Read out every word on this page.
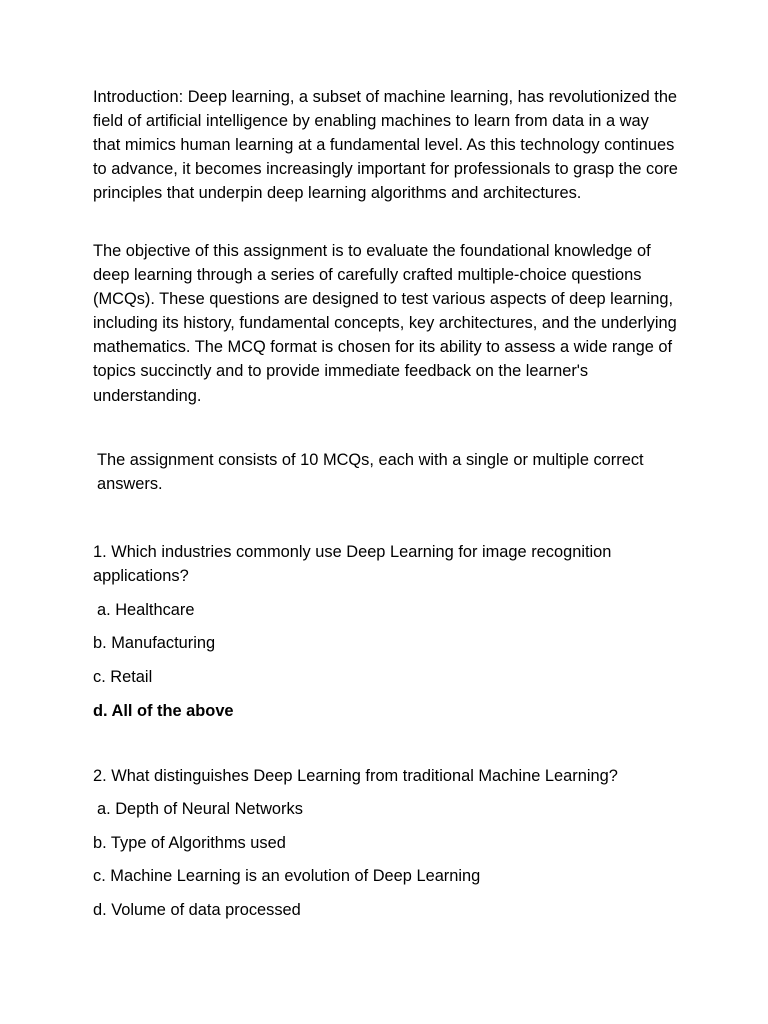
Introduction: Deep learning, a subset of machine learning, has revolutionized the field of artificial intelligence by enabling machines to learn from data in a way that mimics human learning at a fundamental level. As this technology continues to advance, it becomes increasingly important for professionals to grasp the core principles that underpin deep learning algorithms and architectures.

The objective of this assignment is to evaluate the foundational knowledge of deep learning through a series of carefully crafted multiple-choice questions (MCQs). These questions are designed to test various aspects of deep learning, including its history, fundamental concepts, key architectures, and the underlying mathematics. The MCQ format is chosen for its ability to assess a wide range of topics succinctly and to provide immediate feedback on the learner's understanding.

The assignment consists of 10 MCQs, each with a single or multiple correct answers.

1. Which industries commonly use Deep Learning for image recognition applications?

a. Healthcare

b. Manufacturing

c. Retail

d. All of the above

2. What distinguishes Deep Learning from traditional Machine Learning?

a. Depth of Neural Networks

b. Type of Algorithms used

c. Machine Learning is an evolution of Deep Learning

d. Volume of data processed
